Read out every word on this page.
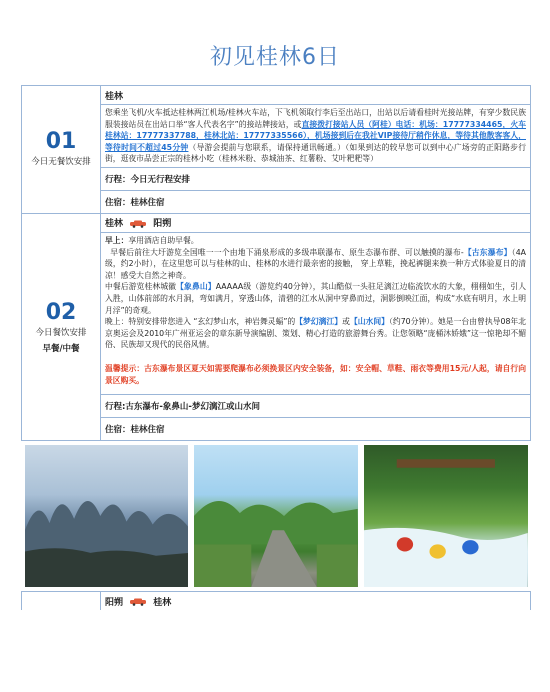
初见桂林6日
01
今日无餐饮安排	桂林
	您乘坐飞机/火车抵达桂林两江机场/桂林火车站，下飞机领取行李后至出站口，出站以后请看桂时光接站牌，有穿少数民族服装接站员在出站口举“客人代表名字”的接站牌接站，或直接拨打接站人员（阿桂）电话：机场：17777334465，火车桂林站：17777337788，桂林北站：17777335566），机场接到后在我社VIP接待厅稍作休息，等待其他散客客人，等待时间不超过45分钟（导游会提前与您联系，请保持通讯畅通。）（如果到达的较早您可以到中心广场旁的正阳路步行街，逛夜市品尝正宗的桂林小吃（桂林米粉、恭城油茶、红薯粉、艾叶粑粑等）
	行程：今日无行程安排
	住宿：桂林住宿

02
今日餐饮安排
早餐/中餐	桂林 阳朔

	早上：享用酒店自助早餐。

早餐后前往大圩游览全国唯一一个由地下涌泉形成的多级串联瀑布、原生态瀑布群、可以触摸的瀑布-【古东瀑布】（4A级，约2小时），在这里您可以与桂林的山、桂林的水进行最亲密的接触， 穿上草鞋，挽起裤腿来换一种方式体验夏日的清凉！感受大自然之神奇。

中餐后游览桂林城徽【象鼻山】AAAAA级（游览约40分钟），其山酷似一头驻足漓江边临流饮水的大象，栩栩如生，引人入胜，山体前部的水月洞，弯如满月，穿透山体，清碧的江水从洞中穿鼻而过，洞影倒映江面，构成“水底有明月，水上明月浮”的奇观。

晚上：特别安排带您进入 “玄幻梦山水，神岩舞灵蝠”的【梦幻漓江】或【山水间】（约70分钟）。她是一台由曾执导08年北京奥运会及2010年广州亚运会的章东新导演编剧、策划、精心打造的旅游舞台秀。让您领略“庞桶沐娇娥”这一惊艳却不媚俗、民族却又现代的民俗风情。

温馨提示：古东瀑布景区夏天如需要爬瀑布必须换景区内安全装备，如：安全帽、草鞋、雨衣等费用15元/人起，请自行向景区购买。

	行程:古东瀑布-象鼻山-梦幻漓江或山水间
	住宿：桂林住宿

	阳朔 桂林
